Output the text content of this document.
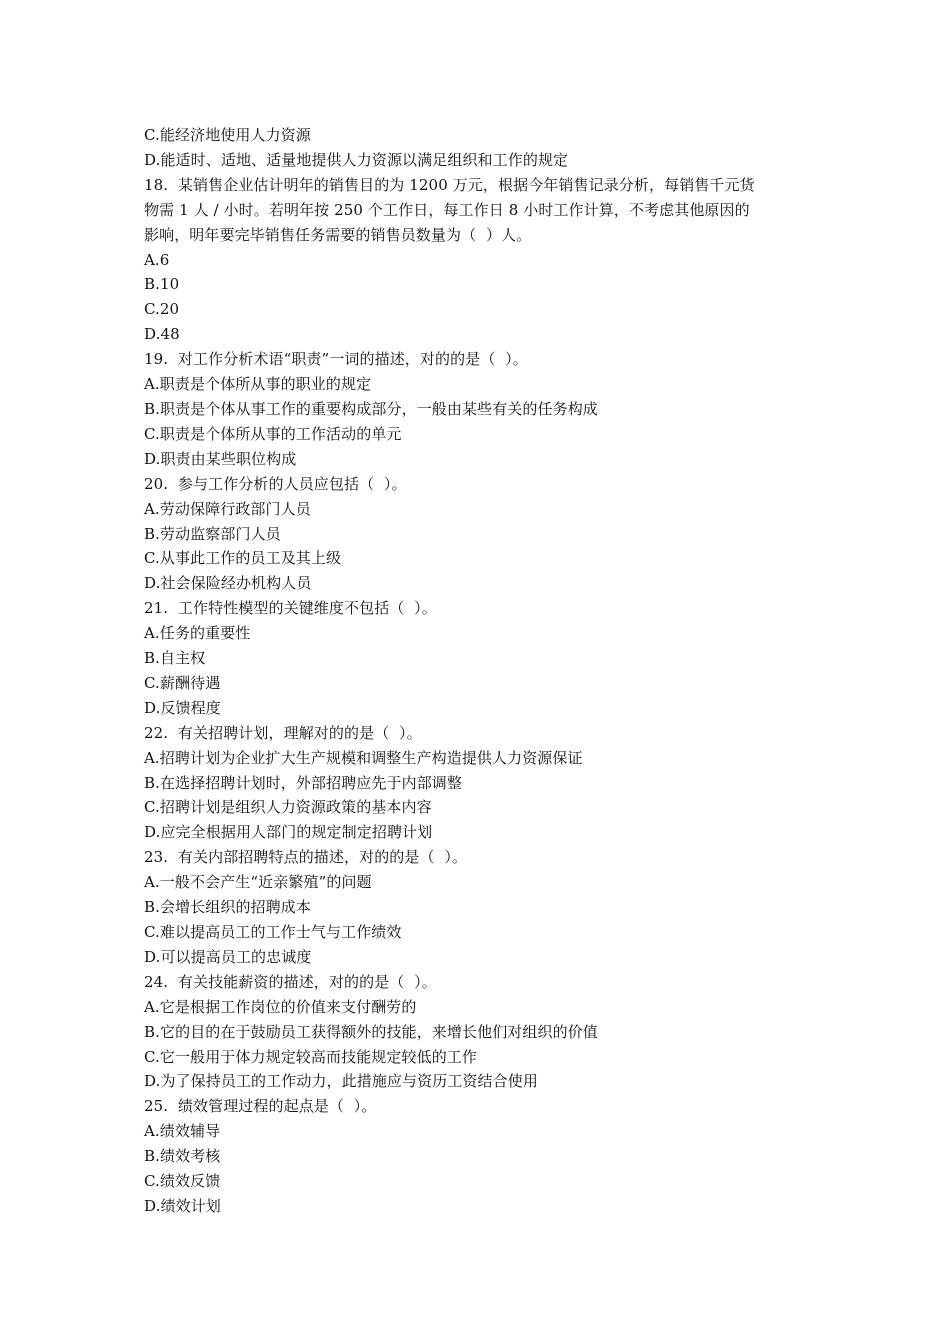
C.能经济地使用人力资源

D.能适时、适地、适量地提供人力资源以满足组织和工作的规定

18.  某销售企业估计明年的销售目的为 1200 万元，根据今年销售记录分析，每销售千元货

物需 1 人 / 小时。若明年按 250 个工作日，每工作日 8 小时工作计算，不考虑其他原因的

影响，明年要完毕销售任务需要的销售员数量为（  ）人。

A.6

B.10

C.20

D.48

19.  对工作分析术语“职责”一词的描述，对的的是（  ）。

A.职责是个体所从事的职业的规定

B.职责是个体从事工作的重要构成部分，一般由某些有关的任务构成

C.职责是个体所从事的工作活动的单元

D.职责由某些职位构成

20.  参与工作分析的人员应包括（  ）。

A.劳动保障行政部门人员

B.劳动监察部门人员

C.从事此工作的员工及其上级

D.社会保险经办机构人员

21.  工作特性模型的关键维度不包括（  ）。

A.任务的重要性

B.自主权

C.薪酬待遇

D.反馈程度

22.  有关招聘计划，理解对的的是（  ）。

A.招聘计划为企业扩大生产规模和调整生产构造提供人力资源保证

B.在选择招聘计划时，外部招聘应先于内部调整

C.招聘计划是组织人力资源政策的基本内容

D.应完全根据用人部门的规定制定招聘计划

23.  有关内部招聘特点的描述，对的的是（  ）。

A.一般不会产生“近亲繁殖”的问题

B.会增长组织的招聘成本

C.难以提高员工的工作士气与工作绩效

D.可以提高员工的忠诚度

24.  有关技能薪资的描述，对的的是（  ）。

A.它是根据工作岗位的价值来支付酬劳的

B.它的目的在于鼓励员工获得额外的技能，来增长他们对组织的价值

C.它一般用于体力规定较高而技能规定较低的工作

D.为了保持员工的工作动力，此措施应与资历工资结合使用

25.  绩效管理过程的起点是（  ）。

A.绩效辅导

B.绩效考核

C.绩效反馈

D.绩效计划
